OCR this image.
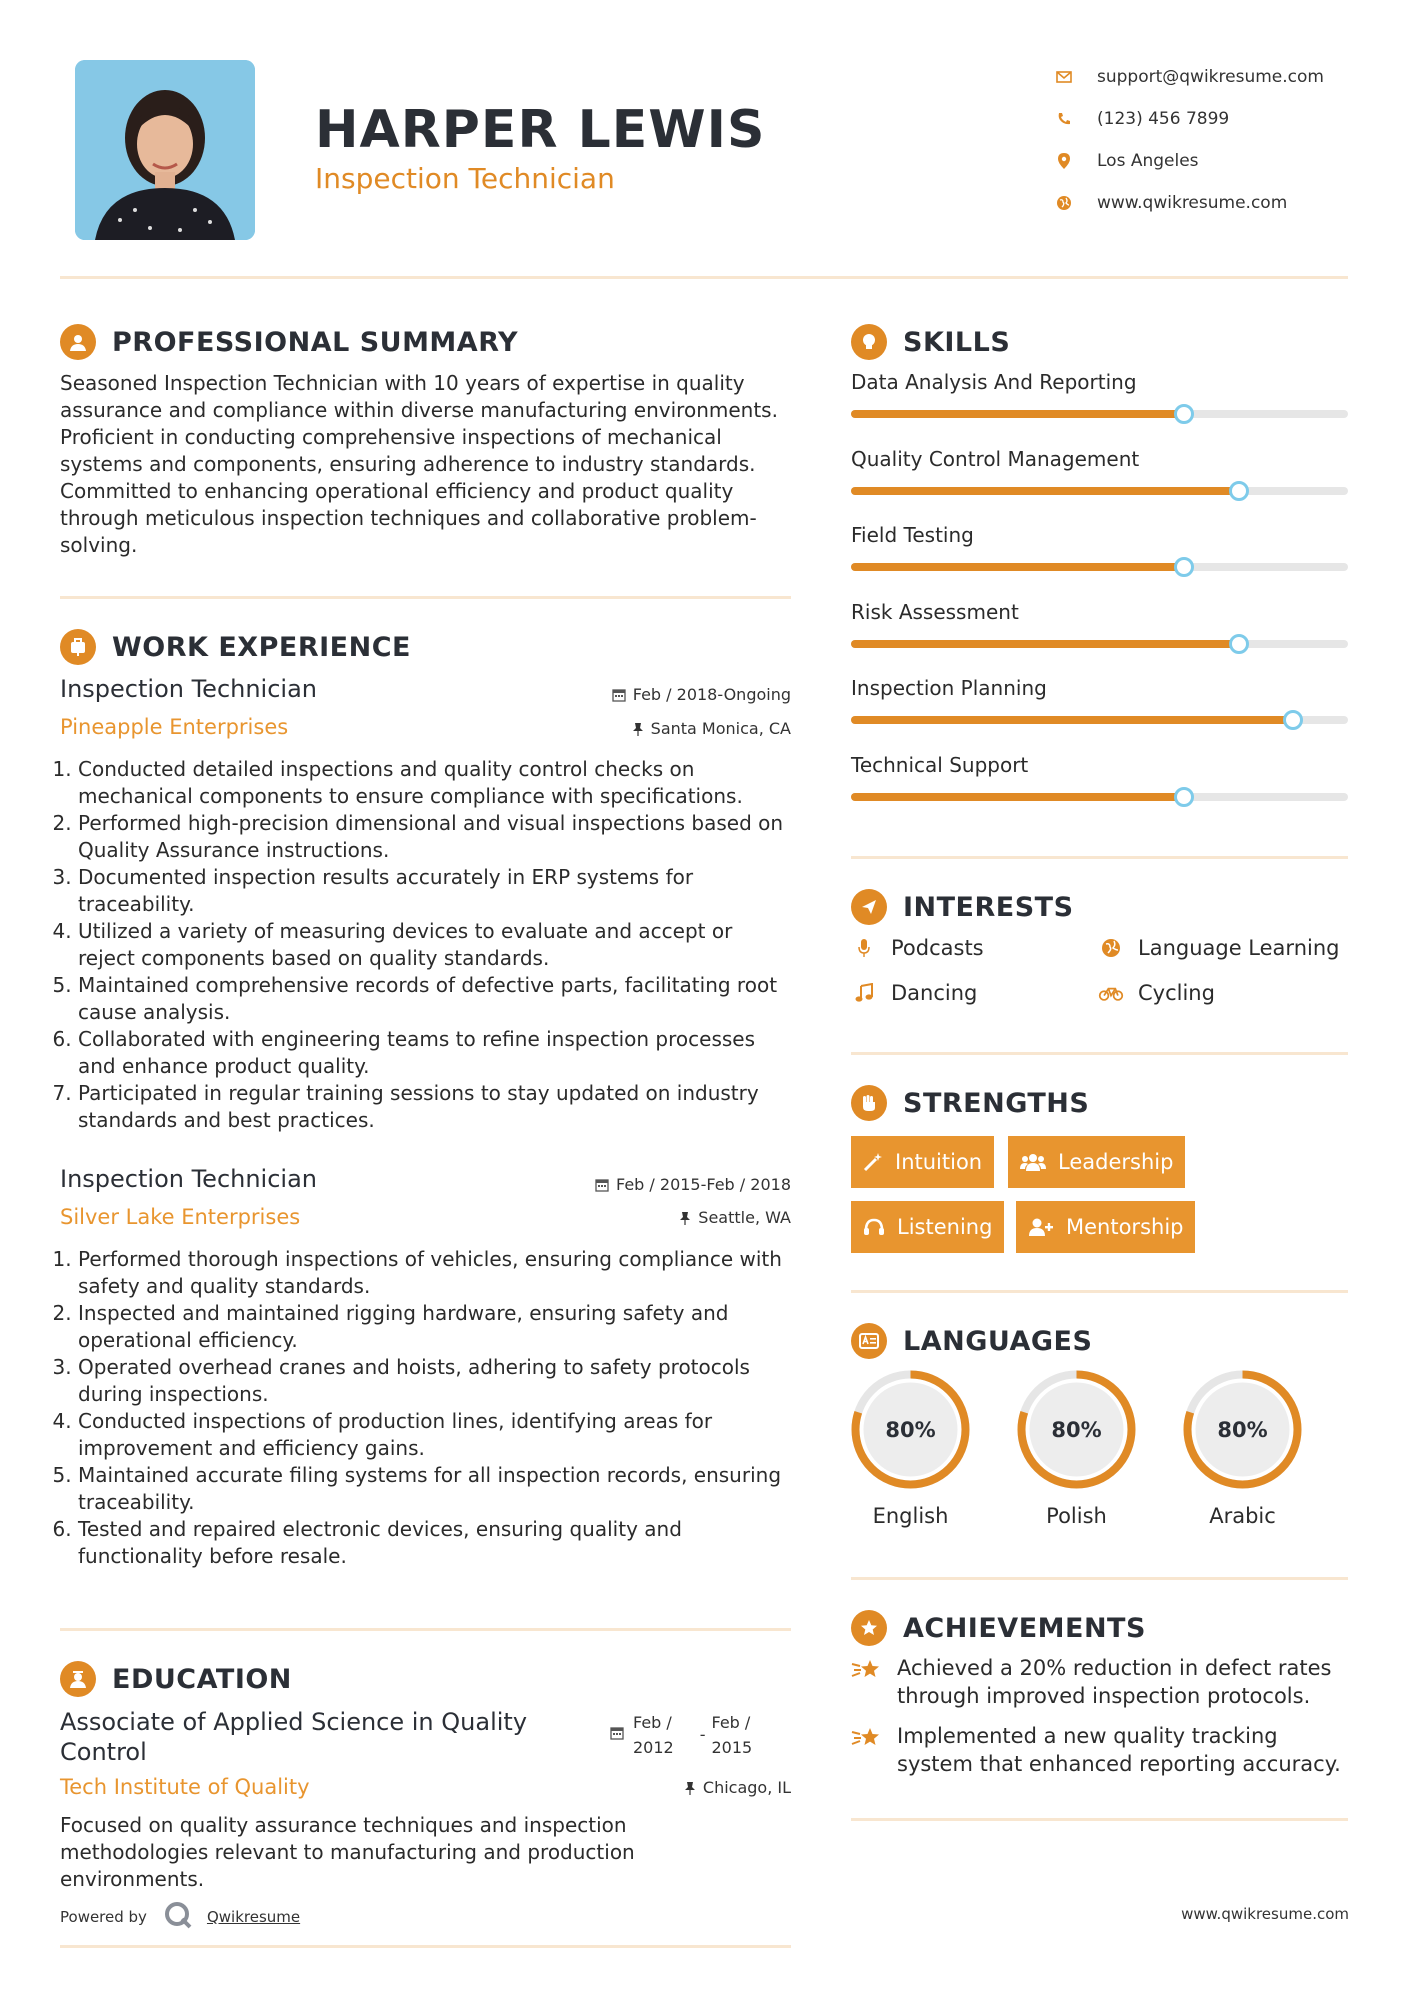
HARPER LEWIS
Inspection Technician
support@qwikresume.com
(123) 456 7899
Los Angeles
www.qwikresume.com
PROFESSIONAL SUMMARY
Seasoned Inspection Technician with 10 years of expertise in quality assurance and compliance within diverse manufacturing environments. Proficient in conducting comprehensive inspections of mechanical systems and components, ensuring adherence to industry standards. Committed to enhancing operational efficiency and product quality through meticulous inspection techniques and collaborative problem-solving.
WORK EXPERIENCE
Inspection Technician	Feb / 2018-Ongoing
Pineapple Enterprises	Santa Monica, CA
1. Conducted detailed inspections and quality control checks on mechanical components to ensure compliance with specifications.
2. Performed high-precision dimensional and visual inspections based on Quality Assurance instructions.
3. Documented inspection results accurately in ERP systems for traceability.
4. Utilized a variety of measuring devices to evaluate and accept or reject components based on quality standards.
5. Maintained comprehensive records of defective parts, facilitating root cause analysis.
6. Collaborated with engineering teams to refine inspection processes and enhance product quality.
7. Participated in regular training sessions to stay updated on industry standards and best practices.
Inspection Technician	Feb / 2015-Feb / 2018
Silver Lake Enterprises	Seattle, WA
1. Performed thorough inspections of vehicles, ensuring compliance with safety and quality standards.
2. Inspected and maintained rigging hardware, ensuring safety and operational efficiency.
3. Operated overhead cranes and hoists, adhering to safety protocols during inspections.
4. Conducted inspections of production lines, identifying areas for improvement and efficiency gains.
5. Maintained accurate filing systems for all inspection records, ensuring traceability.
6. Tested and repaired electronic devices, ensuring quality and functionality before resale.
EDUCATION
Associate of Applied Science in Quality
Control
Feb /
2012
-
Feb /
2015
Tech Institute of Quality	Chicago, IL
Focused on quality assurance techniques and inspection methodologies relevant to manufacturing and production environments.
SKILLS
Data Analysis And Reporting
Quality Control Management
Field Testing
Risk Assessment
Inspection Planning
Technical Support
INTERESTS
Podcasts	Language Learning
Dancing	Cycling
STRENGTHS
Intuition	Leadership
Listening	Mentorship
LANGUAGES
80%
English
80%
Polish
80%
Arabic
ACHIEVEMENTS
Achieved a 20% reduction in defect rates
through improved inspection protocols.
Implemented a new quality tracking
system that enhanced reporting accuracy.
Powered by	Qwikresume	www.qwikresume.com
